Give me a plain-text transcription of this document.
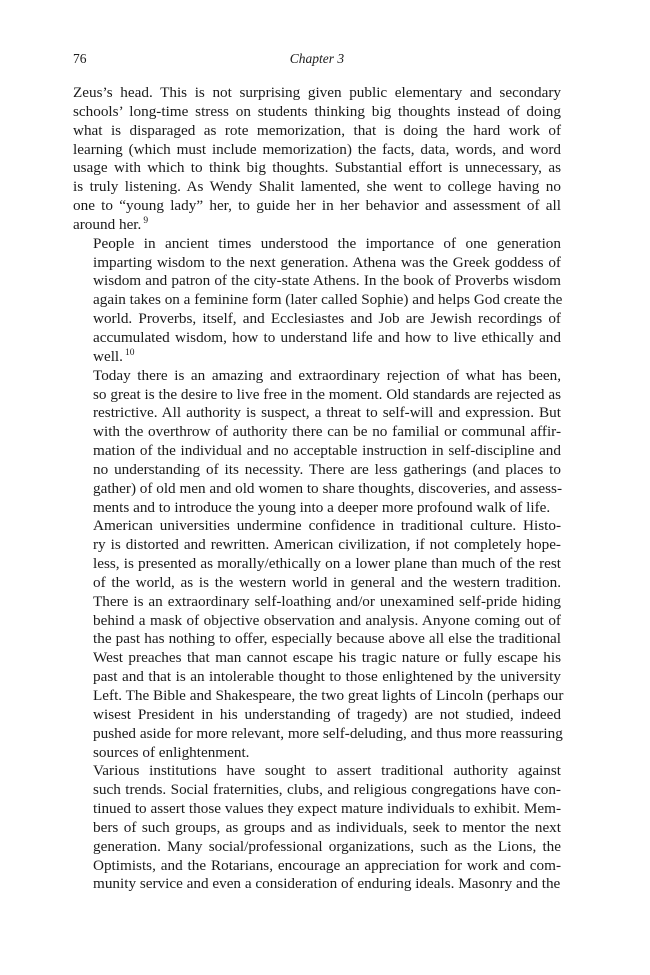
76	Chapter 3

Zeus’s head. This is not surprising given public elementary and secondary
schools’ long-time stress on students thinking big thoughts instead of doing
what is disparaged as rote memorization, that is doing the hard work of
learning (which must include memorization) the facts, data, words, and word
usage with which to think big thoughts. Substantial effort is unnecessary, as
is truly listening. As Wendy Shalit lamented, she went to college having no
one to “young lady” her, to guide her in her behavior and assessment of all
around her. $^9$

People in ancient times understood the importance of one generation
imparting wisdom to the next generation. Athena was the Greek goddess of
wisdom and patron of the city-state Athens. In the book of Proverbs wisdom
again takes on a feminine form (later called Sophie) and helps God create the
world. Proverbs, itself, and Ecclesiastes and Job are Jewish recordings of
accumulated wisdom, how to understand life and how to live ethically and
well. $^{10}$

Today there is an amazing and extraordinary rejection of what has been,
so great is the desire to live free in the moment. Old standards are rejected as
restrictive. All authority is suspect, a threat to self-will and expression. But
with the overthrow of authority there can be no familial or communal affir-
mation of the individual and no acceptable instruction in self-discipline and
no understanding of its necessity. There are less gatherings (and places to
gather) of old men and old women to share thoughts, discoveries, and assess-
ments and to introduce the young into a deeper more profound walk of life.

American universities undermine confidence in traditional culture. Histo-
ry is distorted and rewritten. American civilization, if not completely hope-
less, is presented as morally/ethically on a lower plane than much of the rest
of the world, as is the western world in general and the western tradition.
There is an extraordinary self-loathing and/or unexamined self-pride hiding
behind a mask of objective observation and analysis. Anyone coming out of
the past has nothing to offer, especially because above all else the traditional
West preaches that man cannot escape his tragic nature or fully escape his
past and that is an intolerable thought to those enlightened by the university
Left. The Bible and Shakespeare, the two great lights of Lincoln (perhaps our
wisest President in his understanding of tragedy) are not studied, indeed
pushed aside for more relevant, more self-deluding, and thus more reassuring
sources of enlightenment.

Various institutions have sought to assert traditional authority against
such trends. Social fraternities, clubs, and religious congregations have con-
tinued to assert those values they expect mature individuals to exhibit. Mem-
bers of such groups, as groups and as individuals, seek to mentor the next
generation. Many social/professional organizations, such as the Lions, the
Optimists, and the Rotarians, encourage an appreciation for work and com-
munity service and even a consideration of enduring ideals. Masonry and the
